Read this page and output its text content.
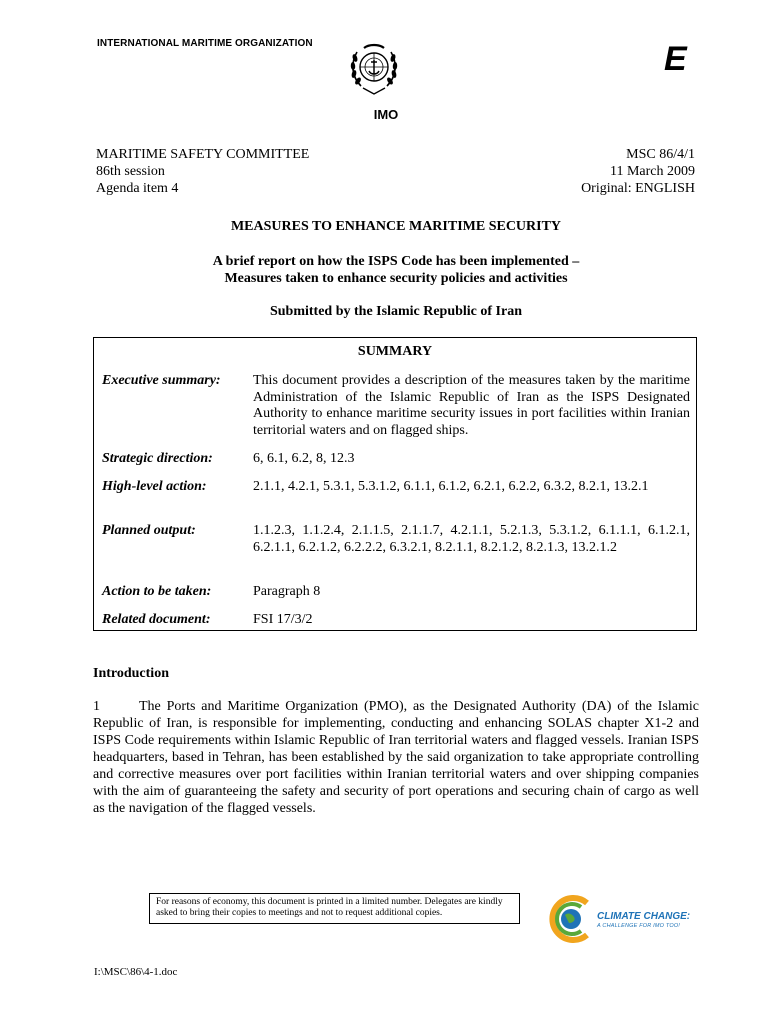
INTERNATIONAL MARITIME ORGANIZATION	E
IMO
MARITIME SAFETY COMMITTEE
86th session
Agenda item 4
MSC 86/4/1
11 March 2009
Original: ENGLISH
MEASURES TO ENHANCE MARITIME SECURITY
A brief report on how the ISPS Code has been implemented –
Measures taken to enhance security policies and activities
Submitted by the Islamic Republic of Iran
SUMMARY
Executive summary:	This document provides a description of the measures taken by the maritime Administration of the Islamic Republic of Iran as the ISPS Designated Authority to enhance maritime security issues in port facilities within Iranian territorial waters and on flagged ships.
Strategic direction:	6, 6.1, 6.2, 8, 12.3
High-level action:	2.1.1, 4.2.1, 5.3.1, 5.3.1.2, 6.1.1, 6.1.2, 6.2.1, 6.2.2, 6.3.2, 8.2.1, 13.2.1
Planned output:	1.1.2.3, 1.1.2.4, 2.1.1.5, 2.1.1.7, 4.2.1.1, 5.2.1.3, 5.3.1.2, 6.1.1.1, 6.1.2.1, 6.2.1.1, 6.2.1.2, 6.2.2.2, 6.3.2.1, 8.2.1.1, 8.2.1.2, 8.2.1.3, 13.2.1.2
Action to be taken:	Paragraph 8
Related document:	FSI 17/3/2
Introduction
1	The Ports and Maritime Organization (PMO), as the Designated Authority (DA) of the Islamic Republic of Iran, is responsible for implementing, conducting and enhancing SOLAS chapter X1-2 and ISPS Code requirements within Islamic Republic of Iran territorial waters and flagged vessels. Iranian ISPS headquarters, based in Tehran, has been established by the said organization to take appropriate controlling and corrective measures over port facilities within Iranian territorial waters and over shipping companies with the aim of guaranteeing the safety and security of port operations and securing chain of cargo as well as the navigation of the flagged vessels.
For reasons of economy, this document is printed in a limited number. Delegates are kindly asked to bring their copies to meetings and not to request additional copies.	CLIMATE CHANGE:
A CHALLENGE FOR IMO TOO!
I:\MSC\86\4-1.doc
